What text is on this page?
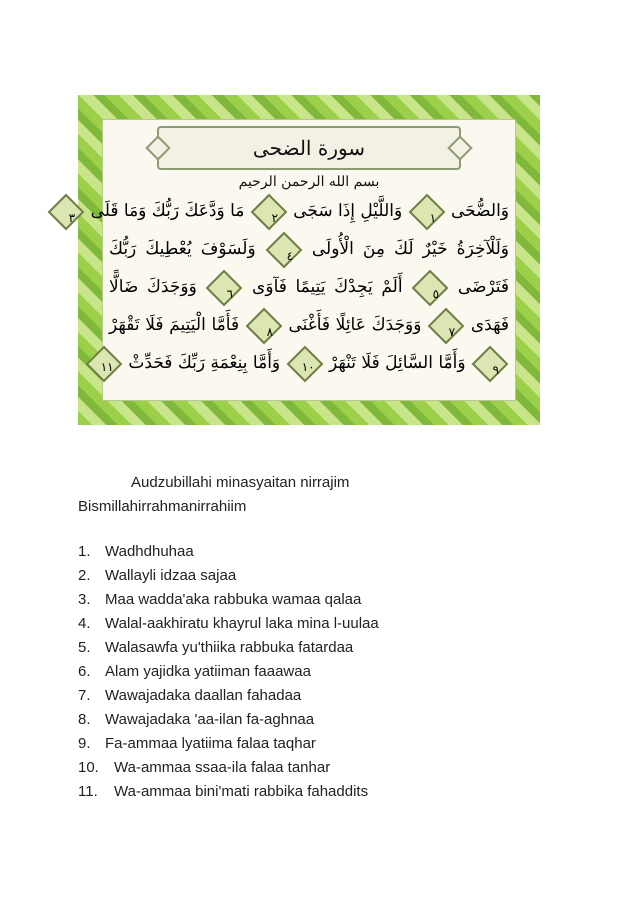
سورة الضحى
بسم الله الرحمن الرحيم
وَالضُّحَى ١ وَاللَّيْلِ إِذَا سَجَى ٢ مَا وَدَّعَكَ رَبُّكَ وَمَا قَلَى ٣
وَلَلْآخِرَةُ خَيْرٌ لَكَ مِنَ الْأُولَى ٤ وَلَسَوْفَ يُعْطِيكَ رَبُّكَ
فَتَرْضَى ٥ أَلَمْ يَجِدْكَ يَتِيمًا فَآوَى ٦ وَوَجَدَكَ ضَالًّا
فَهَدَى ٧ وَوَجَدَكَ عَائِلًا فَأَغْنَى ٨ فَأَمَّا الْيَتِيمَ فَلَا تَقْهَرْ
٩ وَأَمَّا السَّائِلَ فَلَا تَنْهَرْ ١٠ وَأَمَّا بِنِعْمَةِ رَبِّكَ فَحَدِّثْ ١١
Audzubillahi minasyaitan nirrajim
Bismillahirrahmanirrahiim
1. Wadhdhuhaa
2. Wallayli idzaa sajaa
3. Maa wadda'aka rabbuka wamaa qalaa
4. Walal-aakhiratu khayrul laka mina l-uulaa
5. Walasawfa yu'thiika rabbuka fatardaa
6. Alam yajidka yatiiman faaawaa
7. Wawajadaka daallan fahadaa
8. Wawajadaka 'aa-ilan fa-aghnaa
9. Fa-ammaa lyatiima falaa taqhar
10. Wa-ammaa ssaa-ila falaa tanhar
11. Wa-ammaa bini'mati rabbika fahaddits
